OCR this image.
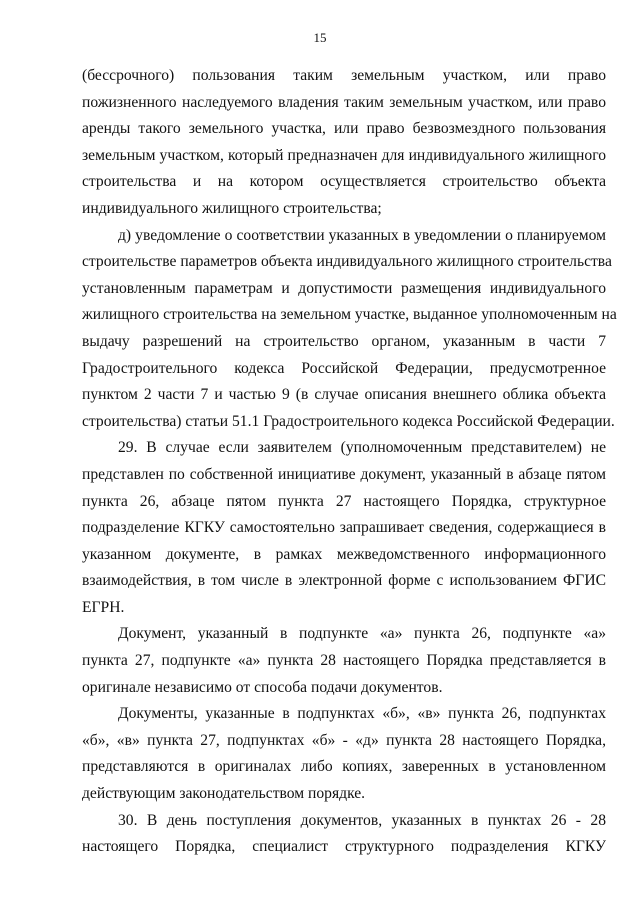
15
(бессрочного) пользования таким земельным участком, или право
пожизненного наследуемого владения таким земельным участком, или право
аренды такого земельного участка, или право безвозмездного пользования
земельным участком, который предназначен для индивидуального жилищного
строительства и на котором осуществляется строительство объекта
индивидуального жилищного строительства;
д) уведомление о соответствии указанных в уведомлении о планируемом
строительстве параметров объекта индивидуального жилищного строительства
установленным параметрам и допустимости размещения индивидуального
жилищного строительства на земельном участке, выданное уполномоченным на
выдачу разрешений на строительство органом, указанным в части 7
Градостроительного кодекса Российской Федерации, предусмотренное
пунктом 2 части 7 и частью 9 (в случае описания внешнего облика объекта
строительства) статьи 51.1 Градостроительного кодекса Российской Федерации.
29. В случае если заявителем (уполномоченным представителем) не
представлен по собственной инициативе документ, указанный в абзаце пятом
пункта 26, абзаце пятом пункта 27 настоящего Порядка, структурное
подразделение КГКУ самостоятельно запрашивает сведения, содержащиеся в
указанном документе, в рамках межведомственного информационного
взаимодействия, в том числе в электронной форме с использованием ФГИС
ЕГРН.
Документ, указанный в подпункте «а» пункта 26, подпункте «а»
пункта 27, подпункте «а» пункта 28 настоящего Порядка представляется в
оригинале независимо от способа подачи документов.
Документы, указанные в подпунктах «б», «в» пункта 26, подпунктах
«б», «в» пункта 27, подпунктах «б» - «д» пункта 28 настоящего Порядка,
представляются в оригиналах либо копиях, заверенных в установленном
действующим законодательством порядке.
30. В день поступления документов, указанных в пунктах 26 - 28
настоящего Порядка, специалист структурного подразделения КГКУ
